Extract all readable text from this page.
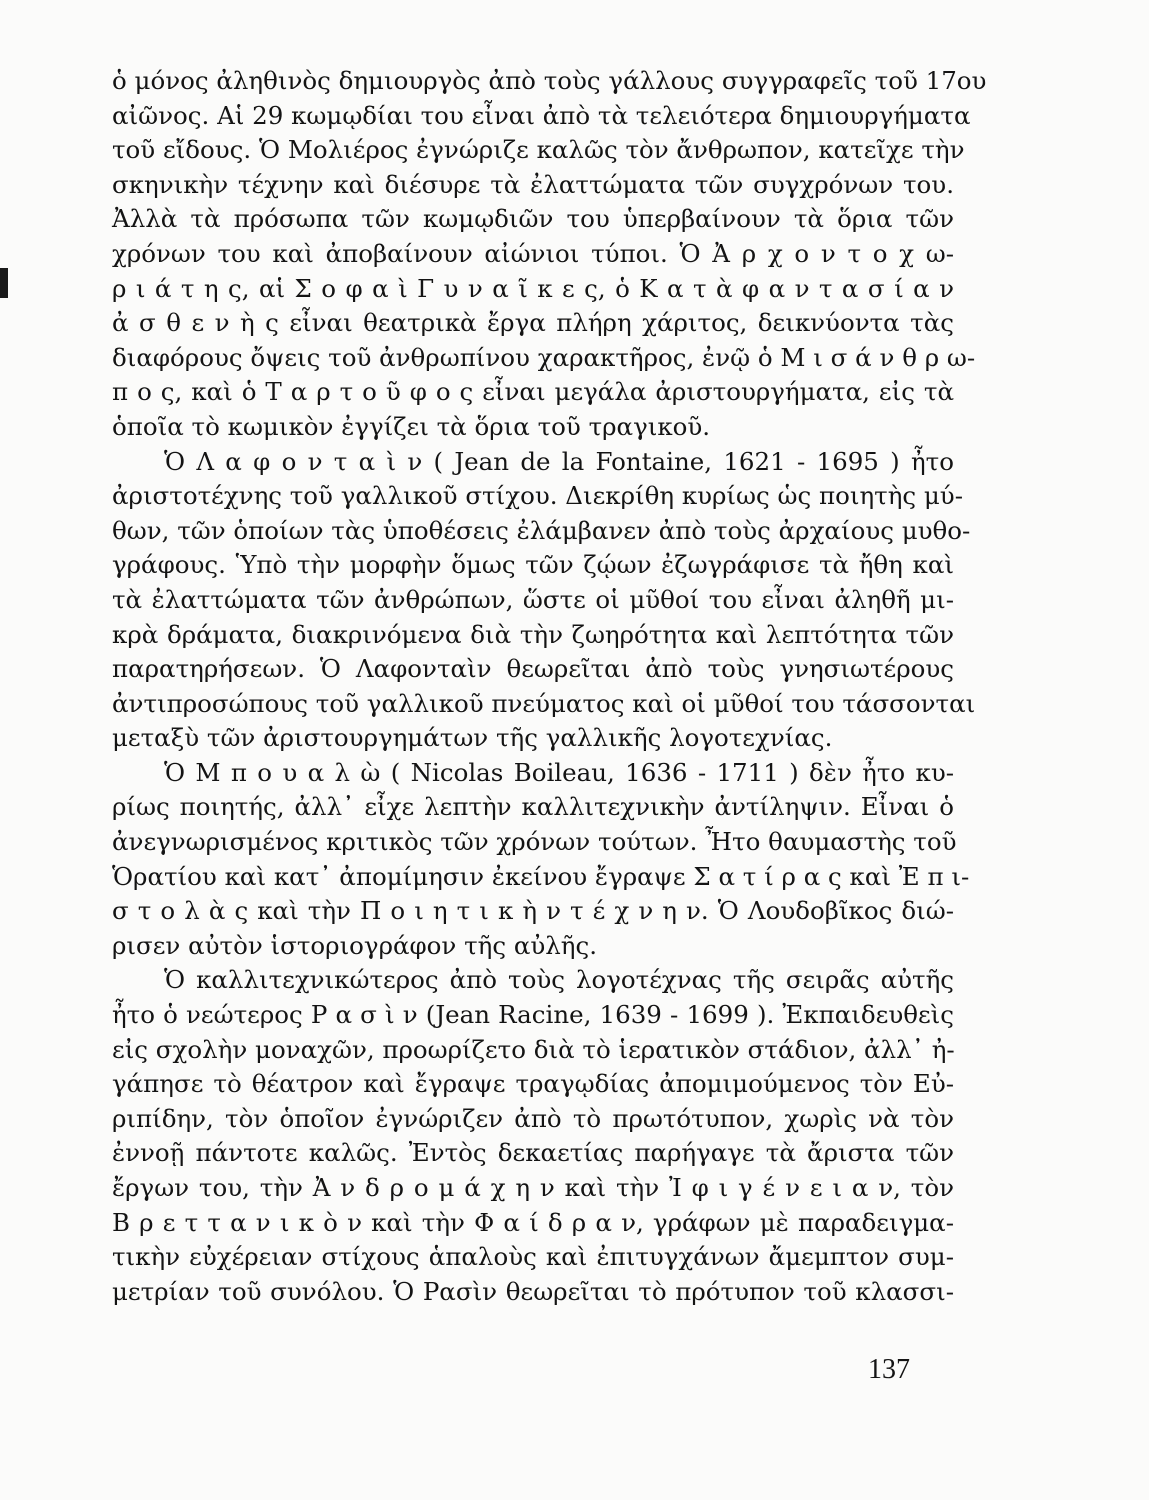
ὁ μόνος ἀληθινὸς δημιουργὸς ἀπὸ τοὺς γάλλους συγγραφεῖς τοῦ 17ου
αἰῶνος. Αἱ 29 κωμῳδίαι του εἶναι ἀπὸ τὰ τελειότερα δημιουργήματα
τοῦ εἴδους. Ὁ Μολιέρος ἐγνώριζε καλῶς τὸν ἄνθρωπον, κατεῖχε τὴν
σκηνικὴν τέχνην καὶ διέσυρε τὰ ἐλαττώματα τῶν συγχρόνων του.
Ἀλλὰ τὰ πρόσωπα τῶν κωμῳδιῶν του ὑπερβαίνουν τὰ ὅρια τῶν
χρόνων του καὶ ἀποβαίνουν αἰώνιοι τύποι. Ὁ Ἀ ρ χ ο ν τ ο χ ω-
ρ ι ά τ η ς, αἱ Σ ο φ α ὶ Γ υ ν α ῖ κ ε ς, ὁ Κ α τ ὰ φ α ν τ α σ ί α ν
ἀ σ θ ε ν ὴ ς εἶναι θεατρικὰ ἔργα πλήρη χάριτος, δεικνύοντα τὰς
διαφόρους ὄψεις τοῦ ἀνθρωπίνου χαρακτῆρος, ἐνῷ ὁ Μ ι σ ά ν θ ρ ω-
π ο ς, καὶ ὁ Τ α ρ τ ο ῦ φ ο ς εἶναι μεγάλα ἀριστουργήματα, εἰς τὰ
ὁποῖα τὸ κωμικὸν ἐγγίζει τὰ ὅρια τοῦ τραγικοῦ.
Ὁ Λ α φ ο ν τ α ὶ ν ( Jean de la Fontaine, 1621 - 1695 ) ἦτο
ἀριστοτέχνης τοῦ γαλλικοῦ στίχου. Διεκρίθη κυρίως ὡς ποιητὴς μύ-
θων, τῶν ὁποίων τὰς ὑποθέσεις ἐλάμβανεν ἀπὸ τοὺς ἀρχαίους μυθο-
γράφους. Ὑπὸ τὴν μορφὴν ὅμως τῶν ζῴων ἐζωγράφισε τὰ ἤθη καὶ
τὰ ἐλαττώματα τῶν ἀνθρώπων, ὥστε οἱ μῦθοί του εἶναι ἀληθῆ μι-
κρὰ δράματα, διακρινόμενα διὰ τὴν ζωηρότητα καὶ λεπτότητα τῶν
παρατηρήσεων. Ὁ Λαφονταὶν θεωρεῖται ἀπὸ τοὺς γνησιωτέρους
ἀντιπροσώπους τοῦ γαλλικοῦ πνεύματος καὶ οἱ μῦθοί του τάσσονται
μεταξὺ τῶν ἀριστουργημάτων τῆς γαλλικῆς λογοτεχνίας.
Ὁ Μ π ο υ α λ ὼ ( Nicolas Boileau, 1636 - 1711 ) δὲν ἦτο κυ-
ρίως ποιητής, ἀλλ᾽ εἶχε λεπτὴν καλλιτεχνικὴν ἀντίληψιν. Εἶναι ὁ
ἀνεγνωρισμένος κριτικὸς τῶν χρόνων τούτων. Ἦτο θαυμαστὴς τοῦ
Ὁρατίου καὶ κατ᾽ ἀπομίμησιν ἐκείνου ἔγραψε Σ α τ ί ρ α ς καὶ Ἐ π ι-
σ τ ο λ ὰ ς καὶ τὴν Π ο ι η τ ι κ ὴ ν τ έ χ ν η ν. Ὁ Λουδοβῖκος διώ-
ρισεν αὐτὸν ἱστοριογράφον τῆς αὐλῆς.
Ὁ καλλιτεχνικώτερος ἀπὸ τοὺς λογοτέχνας τῆς σειρᾶς αὐτῆς
ἦτο ὁ νεώτερος Ρ α σ ὶ ν (Jean Racine, 1639 - 1699 ). Ἐκπαιδευθεὶς
εἰς σχολὴν μοναχῶν, προωρίζετο διὰ τὸ ἱερατικὸν στάδιον, ἀλλ᾽ ἠ-
γάπησε τὸ θέατρον καὶ ἔγραψε τραγῳδίας ἀπομιμούμενος τὸν Εὐ-
ριπίδην, τὸν ὁποῖον ἐγνώριζεν ἀπὸ τὸ πρωτότυπον, χωρὶς νὰ τὸν
ἐννοῇ πάντοτε καλῶς. Ἐντὸς δεκαετίας παρήγαγε τὰ ἄριστα τῶν
ἔργων του, τὴν Ἀ ν δ ρ ο μ ά χ η ν καὶ τὴν Ἰ φ ι γ έ ν ε ι α ν, τὸν
Β ρ ε τ τ α ν ι κ ὸ ν καὶ τὴν Φ α ί δ ρ α ν, γράφων μὲ παραδειγμα-
τικὴν εὐχέρειαν στίχους ἁπαλοὺς καὶ ἐπιτυγχάνων ἄμεμπτον συμ-
μετρίαν τοῦ συνόλου. Ὁ Ρασὶν θεωρεῖται τὸ πρότυπον τοῦ κλασσι-
137
